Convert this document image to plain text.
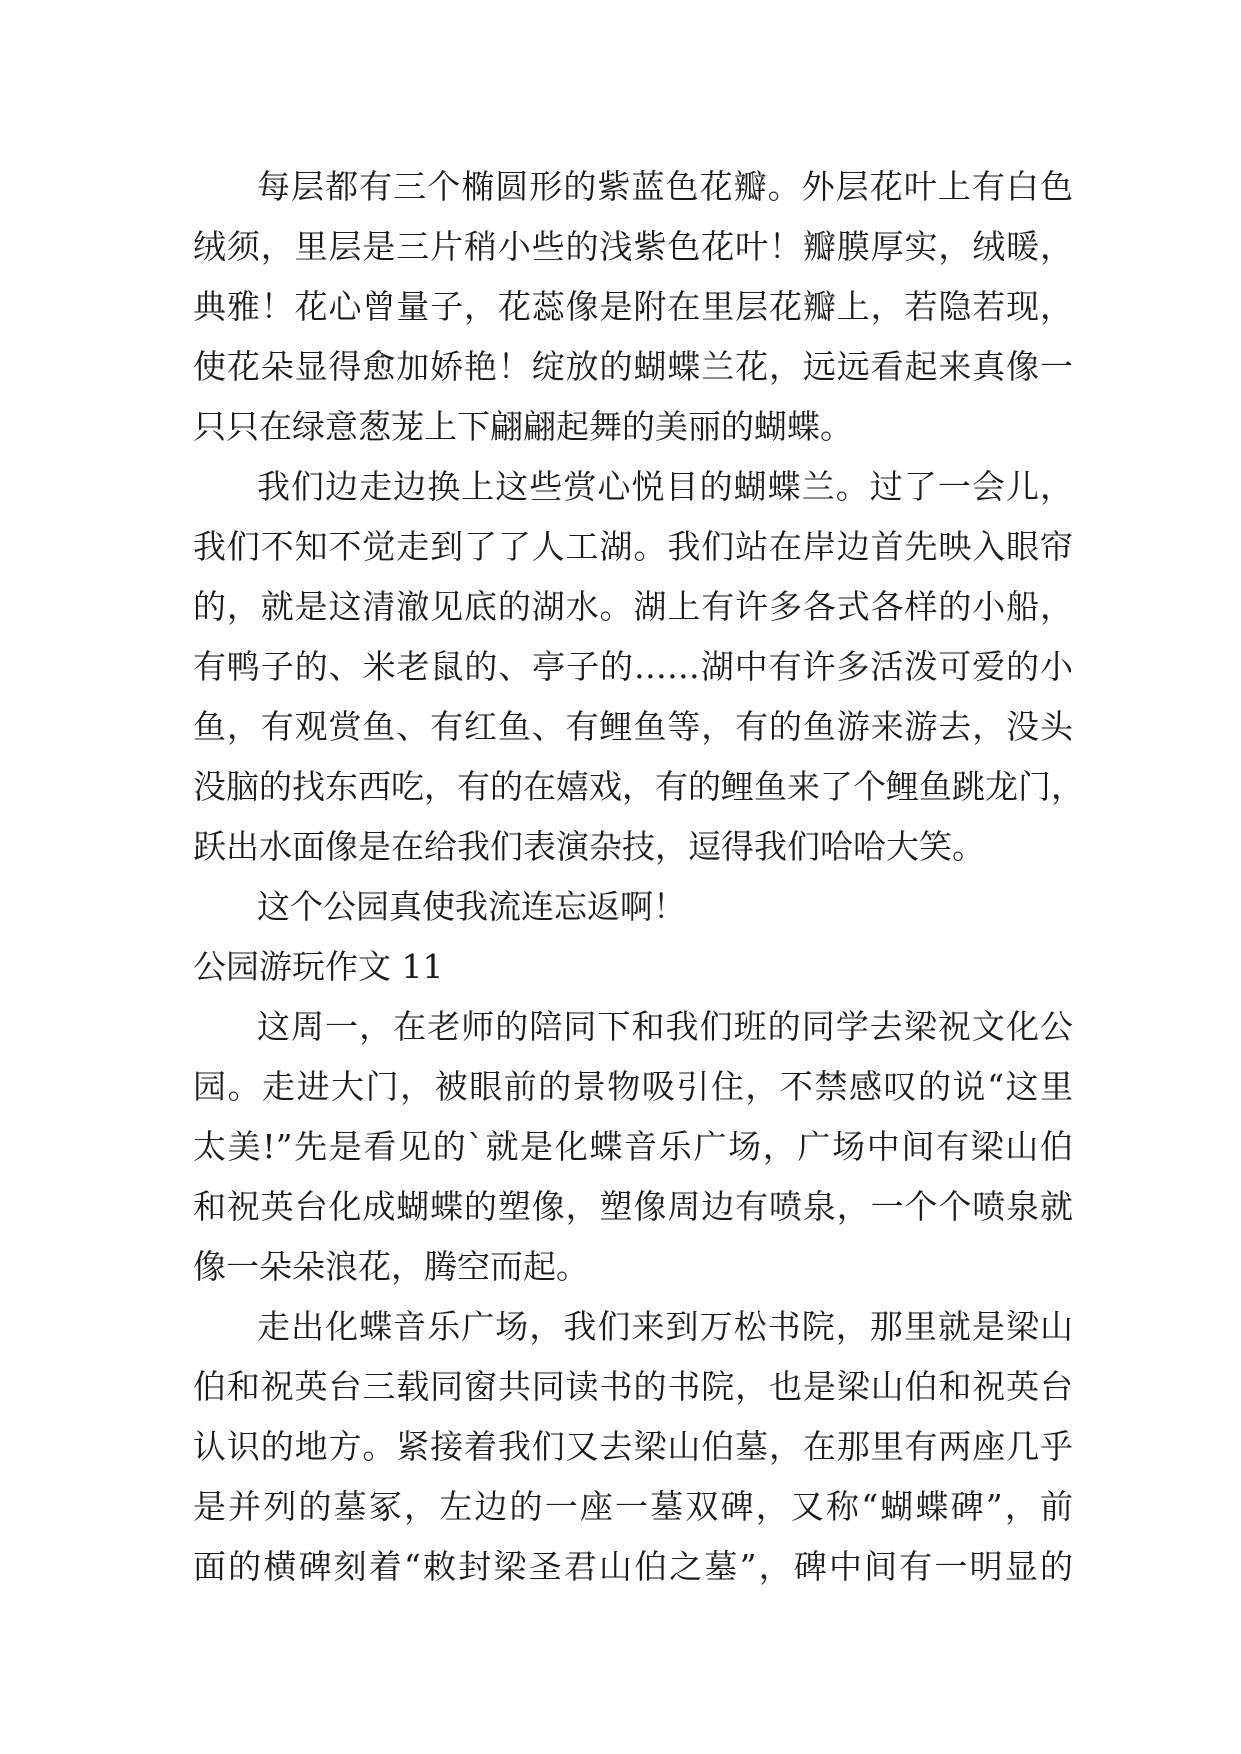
每层都有三个椭圆形的紫蓝色花瓣。外层花叶上有白色
绒须，里层是三片稍小些的浅紫色花叶！瓣膜厚实，绒暖，
典雅！花心曾量子，花蕊像是附在里层花瓣上，若隐若现，
使花朵显得愈加娇艳！绽放的蝴蝶兰花，远远看起来真像一
只只在绿意葱茏上下翩翩起舞的美丽的蝴蝶。
我们边走边换上这些赏心悦目的蝴蝶兰。过了一会儿，
我们不知不觉走到了了人工湖。我们站在岸边首先映入眼帘
的，就是这清澈见底的湖水。湖上有许多各式各样的小船，
有鸭子的、米老鼠的、亭子的……湖中有许多活泼可爱的小
鱼，有观赏鱼、有红鱼、有鲤鱼等，有的鱼游来游去，没头
没脑的找东西吃，有的在嬉戏，有的鲤鱼来了个鲤鱼跳龙门，
跃出水面像是在给我们表演杂技，逗得我们哈哈大笑。
这个公园真使我流连忘返啊！
公园游玩作文 11
这周一，在老师的陪同下和我们班的同学去梁祝文化公
园。走进大门，被眼前的景物吸引住，不禁感叹的说“这里
太美!”先是看见的`就是化蝶音乐广场，广场中间有梁山伯
和祝英台化成蝴蝶的塑像，塑像周边有喷泉，一个个喷泉就
像一朵朵浪花，腾空而起。
走出化蝶音乐广场，我们来到万松书院，那里就是梁山
伯和祝英台三载同窗共同读书的书院，也是梁山伯和祝英台
认识的地方。紧接着我们又去梁山伯墓，在那里有两座几乎
是并列的墓冢，左边的一座一墓双碑，又称“蝴蝶碑”，前
面的横碑刻着“敕封梁圣君山伯之墓”，碑中间有一明显的
